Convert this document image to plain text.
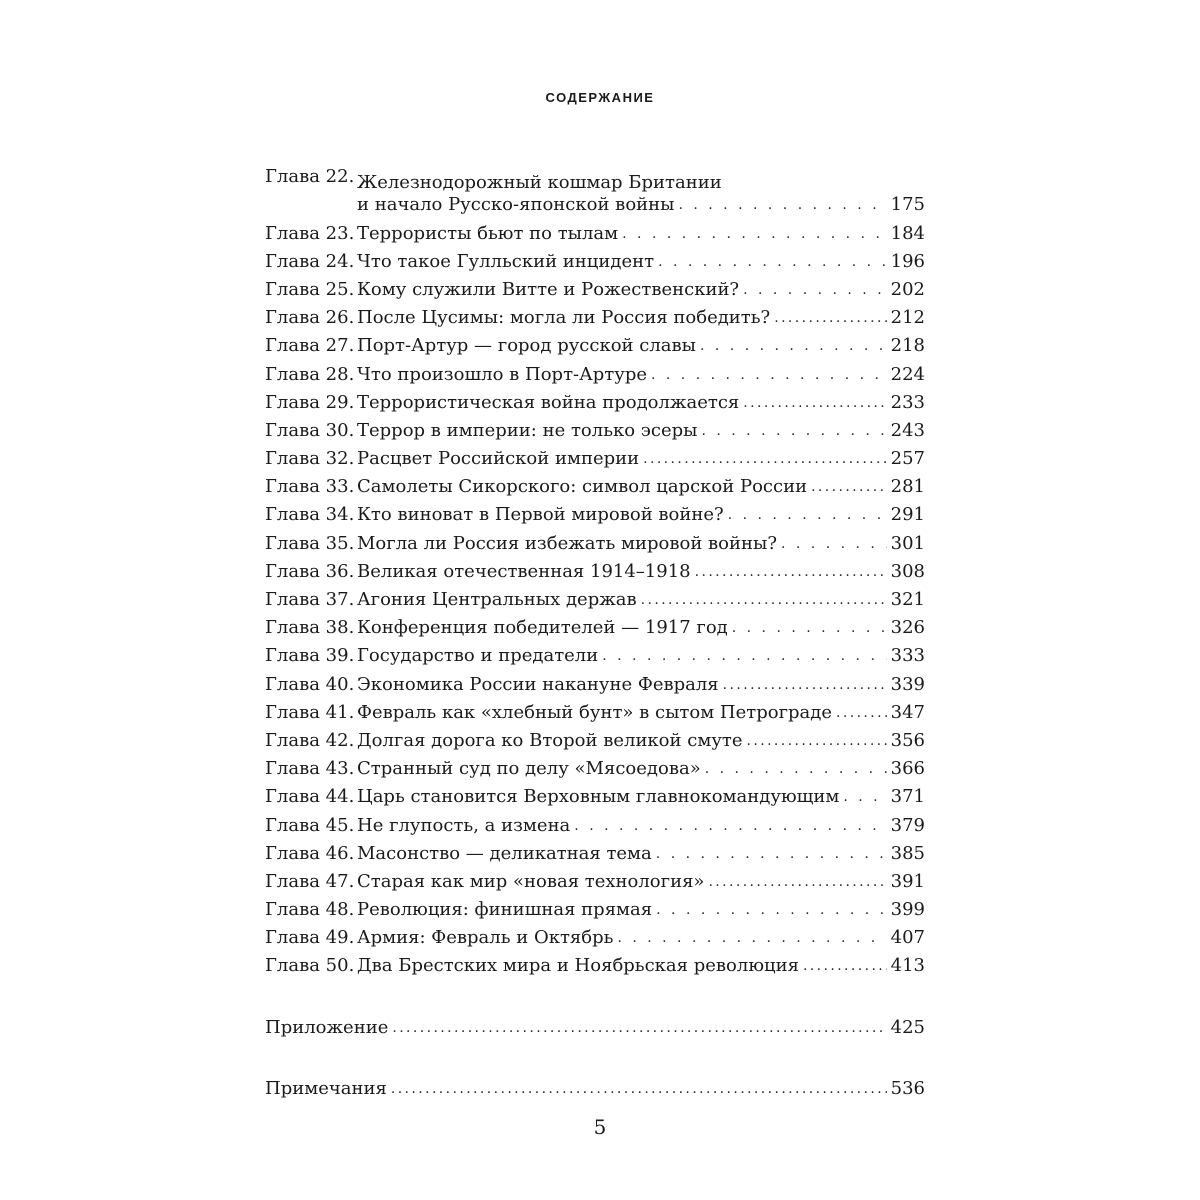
СОДЕРЖАНИЕ
Глава 22. Железнодорожный кошмар Британии
и начало Русско-японской войны . . .	175
Глава 23. Террористы бьют по тылам . . .	184
Глава 24. Что такое Гулльский инцидент . . .	196
Глава 25. Кому служили Витте и Рожественский? . . .	202
Глава 26. После Цусимы: могла ли Россия победить? .....	212
Глава 27. Порт-Артур — город русской славы . . .	218
Глава 28. Что произошло в Порт-Артуре . . .	224
Глава 29. Террористическая война продолжается .....	233
Глава 30. Террор в империи: не только эсеры . . .	243
Глава 32. Расцвет Российской империи .....	257
Глава 33. Самолеты Сикорского: символ царской России .....	281
Глава 34. Кто виноват в Первой мировой войне? . . .	291
Глава 35. Могла ли Россия избежать мировой войны? . . .	301
Глава 36. Великая отечественная 1914–1918 .....	308
Глава 37. Агония Центральных держав .....	321
Глава 38. Конференция победителей — 1917 год . . .	326
Глава 39. Государство и предатели . . .	333
Глава 40. Экономика России накануне Февраля .....	339
Глава 41. Февраль как «хлебный бунт» в сытом Петрограде .....	347
Глава 42. Долгая дорога ко Второй великой смуте .....	356
Глава 43. Странный суд по делу «Мясоедова» . . .	366
Глава 44. Царь становится Верховным главнокомандующим . . .	371
Глава 45. Не глупость, а измена . . .	379
Глава 46. Масонство — деликатная тема . . .	385
Глава 47. Старая как мир «новая технология» .....	391
Глава 48. Революция: финишная прямая . . .	399
Глава 49. Армия: Февраль и Октябрь . . .	407
Глава 50. Два Брестских мира и Ноябрьская революция .....	413
Приложение .....	425
Примечания .....	536
5
